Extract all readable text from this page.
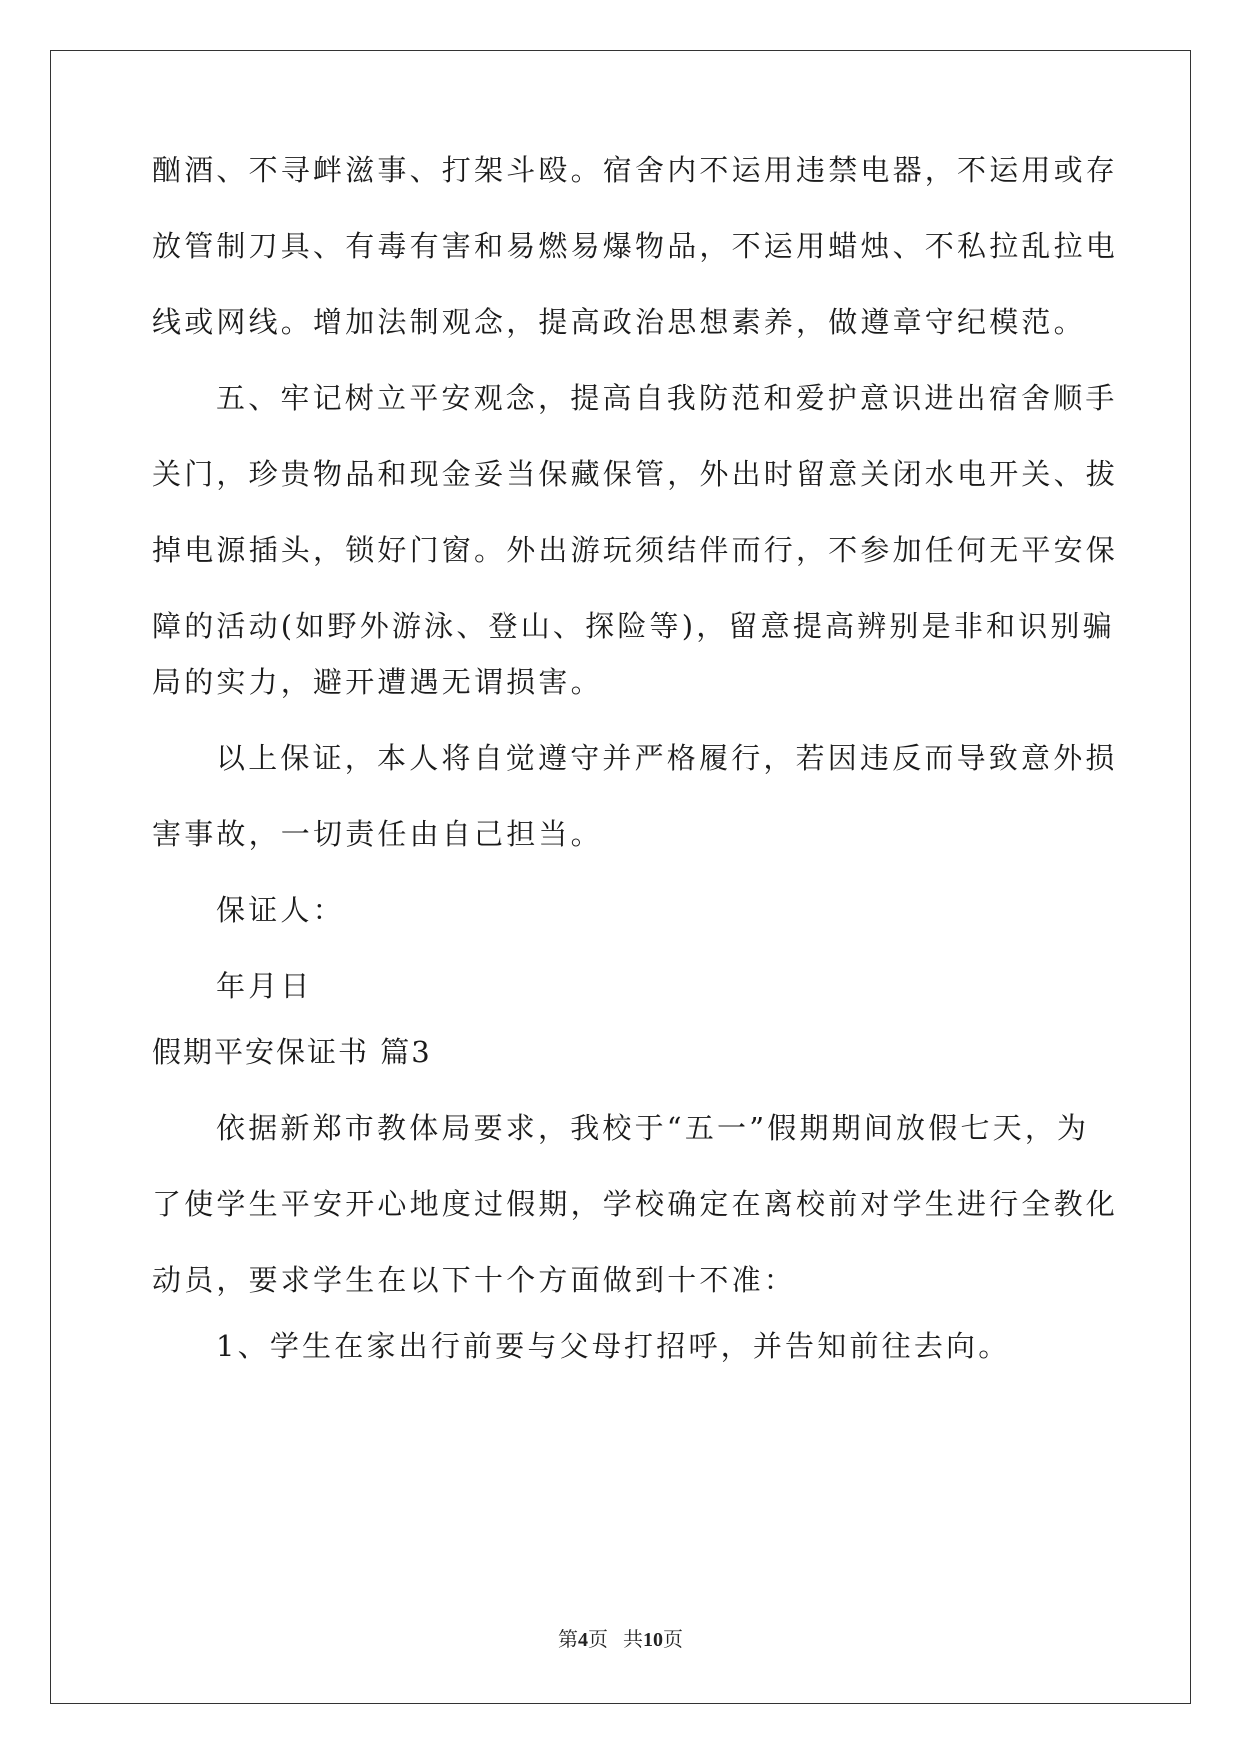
酗酒、不寻衅滋事、打架斗殴。宿舍内不运用违禁电器，不运用或存
放管制刀具、有毒有害和易燃易爆物品，不运用蜡烛、不私拉乱拉电
线或网线。增加法制观念，提高政治思想素养，做遵章守纪模范。
五、牢记树立平安观念，提高自我防范和爱护意识进出宿舍顺手
关门，珍贵物品和现金妥当保藏保管，外出时留意关闭水电开关、拔
掉电源插头，锁好门窗。外出游玩须结伴而行，不参加任何无平安保
障的活动(如野外游泳、登山、探险等)，留意提高辨别是非和识别骗
局的实力，避开遭遇无谓损害。
以上保证，本人将自觉遵守并严格履行，若因违反而导致意外损
害事故，一切责任由自己担当。
保证人：
年月日
假期平安保证书 篇3
依据新郑市教体局要求，我校于“五一”假期期间放假七天，为
了使学生平安开心地度过假期，学校确定在离校前对学生进行全教化
动员，要求学生在以下十个方面做到十不准：
1、学生在家出行前要与父母打招呼，并告知前往去向。
第4页   共10页
